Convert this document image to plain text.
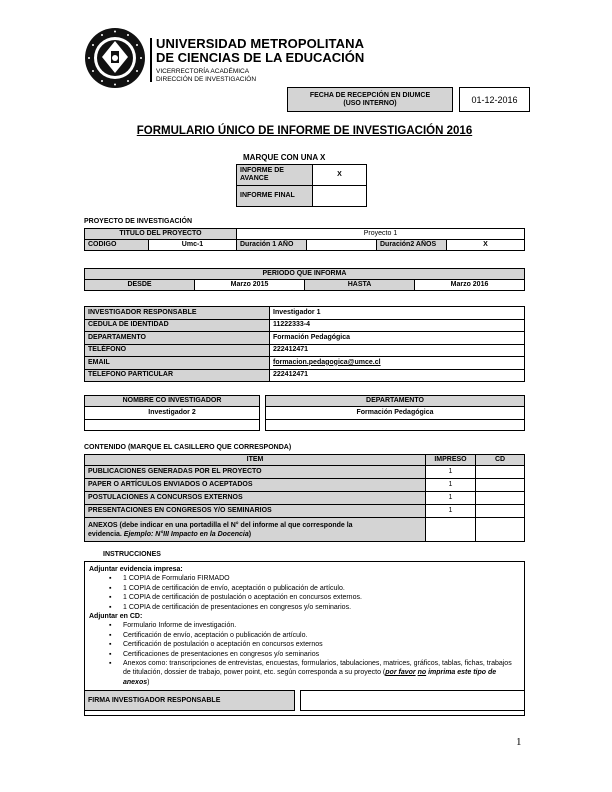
UNIVERSIDAD METROPOLITANA
DE CIENCIAS DE LA EDUCACIÓN
VICERRECTORÍA ACADÉMICA
DIRECCIÓN DE INVESTIGACIÓN
FECHA DE RECEPCIÓN EN DIUMCE
(USO INTERNO)		01-12-2016
FORMULARIO ÚNICO DE INFORME DE INVESTIGACIÓN 2016
MARQUE CON UNA X
INFORME DE
AVANCE	X
INFORME FINAL	
PROYECTO DE INVESTIGACIÓN
TITULO DEL PROYECTO		Proyecto 1			
CODIGO	Umc-1	Duración 1 AÑO		Duración2 AÑOS	X
PERIODO QUE INFORMA
DESDE	Marzo 2015	HASTA	Marzo 2016
INVESTIGADOR RESPONSABLE	Investigador 1
CEDULA DE IDENTIDAD	11222333-4
DEPARTAMENTO	Formación Pedagógica
TELÉFONO	222412471
EMAIL	formacion.pedagogica@umce.cl
TELEFONO PARTICULAR	222412471
NOMBRE CO INVESTIGADOR		DEPARTAMENTO
Investigador 2		Formación Pedagógica

CONTENIDO (MARQUE EL CASILLERO QUE CORRESPONDA)
ITEM	IMPRESO	CD
PUBLICACIONES GENERADAS POR EL PROYECTO	1	
PAPER O ARTÍCULOS ENVIADOS O ACEPTADOS	1	
POSTULACIONES A CONCURSOS EXTERNOS	1	
PRESENTACIONES EN CONGRESOS Y/O SEMINARIOS	1	

ANEXOS (debe indicar en una portadilla el N° del informe al que corresponde la
evidencia. Ejemplo: N°III Impacto en la Docencia)		

INSTRUCCIONES
Adjuntar evidencia impresa:
▪ 1 COPIA de Formulario FIRMADO
▪ 1 COPIA de certificación de envío, aceptación o publicación de artículo.
▪ 1 COPIA de certificación de postulación o aceptación en concursos externos.
▪ 1 COPIA de certificación de presentaciones en congresos y/o seminarios.
Adjuntar en CD:
▪ Formulario Informe de investigación.
▪ Certificación de envío, aceptación o publicación de artículo.
▪ Certificación de postulación o aceptación en concursos externos
▪ Certificaciones de presentaciones en congresos y/o seminarios
▪ Anexos como: transcripciones de entrevistas, encuestas, formularios, tabulaciones, matrices, gráficos, tablas, fichas, trabajos de titulación, dossier de trabajo, power point, etc. según corresponda a su proyecto (por favor no imprima este tipo de anexos)
FIRMA INVESTIGADOR RESPONSABLE		
1
